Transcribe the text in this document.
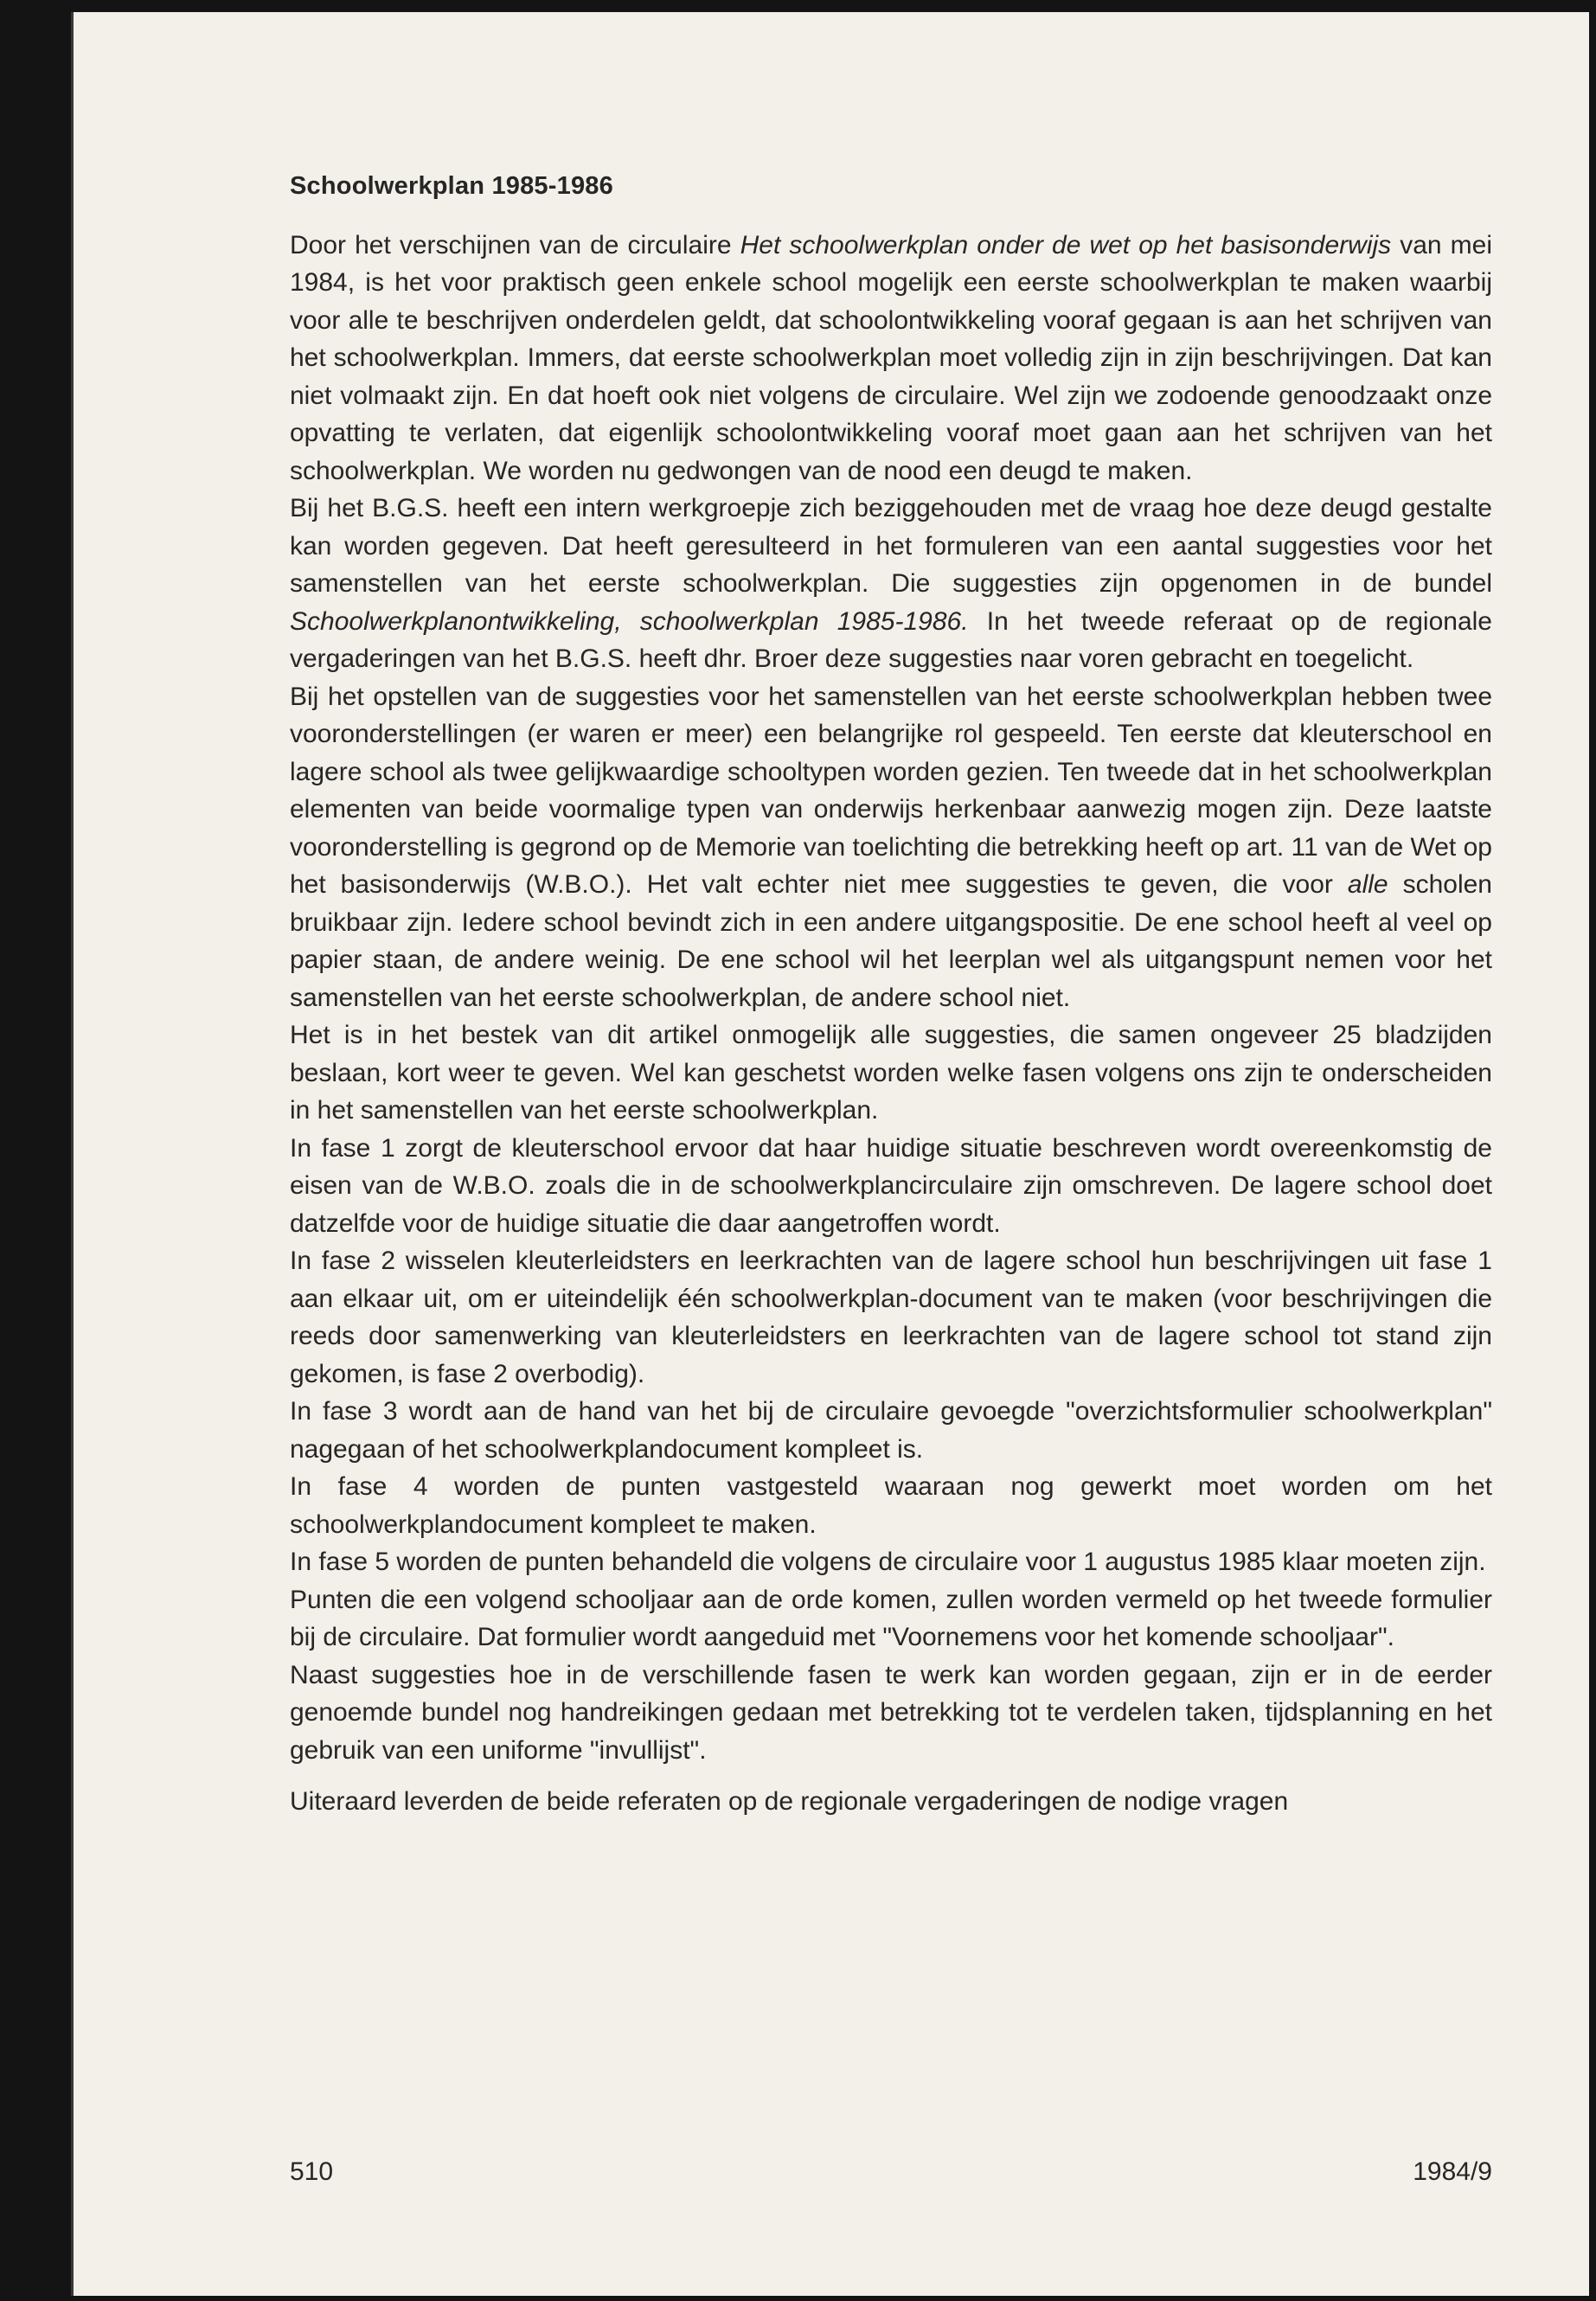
Schoolwerkplan 1985-1986

Door het verschijnen van de circulaire Het schoolwerkplan onder de wet op het basisonderwijs van mei 1984, is het voor praktisch geen enkele school mogelijk een eerste schoolwerkplan te maken waarbij voor alle te beschrijven onderdelen geldt, dat schoolontwikkeling vooraf gegaan is aan het schrijven van het schoolwerkplan. Immers, dat eerste schoolwerkplan moet volledig zijn in zijn beschrijvingen. Dat kan niet volmaakt zijn. En dat hoeft ook niet volgens de circulaire. Wel zijn we zodoende genoodzaakt onze opvatting te verlaten, dat eigenlijk schoolontwikkeling vooraf moet gaan aan het schrijven van het schoolwerkplan. We worden nu gedwongen van de nood een deugd te maken.

Bij het B.G.S. heeft een intern werkgroepje zich beziggehouden met de vraag hoe deze deugd gestalte kan worden gegeven. Dat heeft geresulteerd in het formuleren van een aantal suggesties voor het samenstellen van het eerste schoolwerkplan. Die suggesties zijn opgenomen in de bundel Schoolwerkplanontwikkeling, schoolwerkplan 1985-1986. In het tweede referaat op de regionale vergaderingen van het B.G.S. heeft dhr. Broer deze suggesties naar voren gebracht en toegelicht.

Bij het opstellen van de suggesties voor het samenstellen van het eerste schoolwerkplan hebben twee vooronderstellingen (er waren er meer) een belangrijke rol gespeeld. Ten eerste dat kleuterschool en lagere school als twee gelijkwaardige schooltypen worden gezien. Ten tweede dat in het schoolwerkplan elementen van beide voormalige typen van onderwijs herkenbaar aanwezig mogen zijn. Deze laatste vooronderstelling is gegrond op de Memorie van toelichting die betrekking heeft op art. 11 van de Wet op het basisonderwijs (W.B.O.). Het valt echter niet mee suggesties te geven, die voor alle scholen bruikbaar zijn. Iedere school bevindt zich in een andere uitgangspositie. De ene school heeft al veel op papier staan, de andere weinig. De ene school wil het leerplan wel als uitgangspunt nemen voor het samenstellen van het eerste schoolwerkplan, de andere school niet.

Het is in het bestek van dit artikel onmogelijk alle suggesties, die samen ongeveer 25 bladzijden beslaan, kort weer te geven. Wel kan geschetst worden welke fasen volgens ons zijn te onderscheiden in het samenstellen van het eerste schoolwerkplan.

In fase 1 zorgt de kleuterschool ervoor dat haar huidige situatie beschreven wordt overeenkomstig de eisen van de W.B.O. zoals die in de schoolwerkplancirculaire zijn omschreven. De lagere school doet datzelfde voor de huidige situatie die daar aangetroffen wordt.

In fase 2 wisselen kleuterleidsters en leerkrachten van de lagere school hun beschrijvingen uit fase 1 aan elkaar uit, om er uiteindelijk één schoolwerkplan-document van te maken (voor beschrijvingen die reeds door samenwerking van kleuterleidsters en leerkrachten van de lagere school tot stand zijn gekomen, is fase 2 overbodig).

In fase 3 wordt aan de hand van het bij de circulaire gevoegde "overzichtsformulier schoolwerkplan" nagegaan of het schoolwerkplandocument kompleet is.

In fase 4 worden de punten vastgesteld waaraan nog gewerkt moet worden om het schoolwerkplandocument kompleet te maken.

In fase 5 worden de punten behandeld die volgens de circulaire voor 1 augustus 1985 klaar moeten zijn.

Punten die een volgend schooljaar aan de orde komen, zullen worden vermeld op het tweede formulier bij de circulaire. Dat formulier wordt aangeduid met "Voornemens voor het komende schooljaar".

Naast suggesties hoe in de verschillende fasen te werk kan worden gegaan, zijn er in de eerder genoemde bundel nog handreikingen gedaan met betrekking tot te verdelen taken, tijdsplanning en het gebruik van een uniforme "invullijst".

Uiteraard leverden de beide referaten op de regionale vergaderingen de nodige vragen

510	1984/9
